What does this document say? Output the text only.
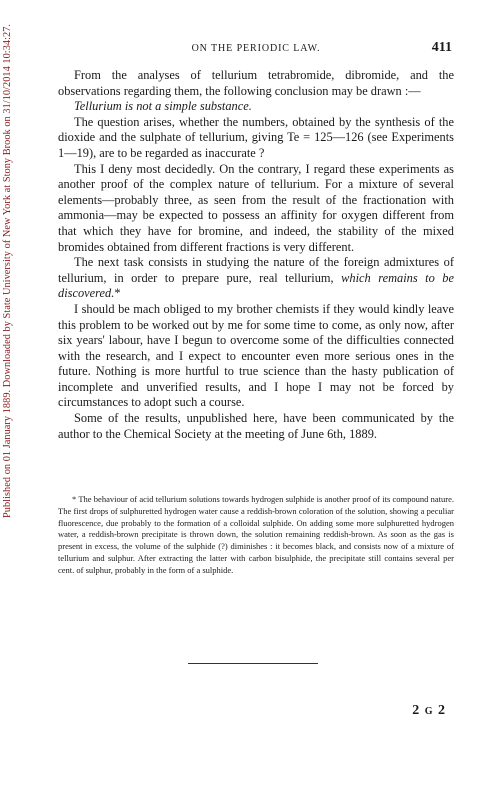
Published on 01 January 1889. Downloaded by State University of New York at Stony Brook on 31/10/2014 10:34:27.	ON THE PERIODIC LAW.	411

From the analyses of tellurium tetrabromide, dibromide, and the observations regarding them, the following conclusion may be drawn :—

Tellurium is not a simple substance.

The question arises, whether the numbers, obtained by the synthesis of the dioxide and the sulphate of tellurium, giving Te = 125—126 (see Experiments 1—19), are to be regarded as inaccurate ?

This I deny most decidedly. On the contrary, I regard these experiments as another proof of the complex nature of tellurium. For a mixture of several elements—probably three, as seen from the result of the fractionation with ammonia—may be expected to possess an affinity for oxygen different from that which they have for bromine, and indeed, the stability of the mixed bromides obtained from different fractions is very different.

The next task consists in studying the nature of the foreign admixtures of tellurium, in order to prepare pure, real tellurium, which remains to be discovered.*

I should be mach obliged to my brother chemists if they would kindly leave this problem to be worked out by me for some time to come, as only now, after six years' labour, have I begun to overcome some of the difficulties connected with the research, and I expect to encounter even more serious ones in the future. Nothing is more hurtful to true science than the hasty publication of incomplete and unverified results, and I hope I may not be forced by circumstances to adopt such a course.

Some of the results, unpublished here, have been communicated by the author to the Chemical Society at the meeting of June 6th, 1889.

* The behaviour of acid tellurium solutions towards hydrogen sulphide is another proof of its compound nature. The first drops of sulphuretted hydrogen water cause a reddish-brown coloration of the solution, showing a peculiar fluorescence, due probably to the formation of a colloidal sulphide. On adding some more sulphuretted hydrogen water, a reddish-brown precipitate is thrown down, the solution remaining reddish-brown. As soon as the gas is present in excess, the volume of the sulphide (?) diminishes : it becomes black, and consists now of a mixture of tellurium and sulphur. After extracting the latter with carbon bisulphide, the precipitate still contains several per cent. of sulphur, probably in the form of a sulphide.

2 G 2
